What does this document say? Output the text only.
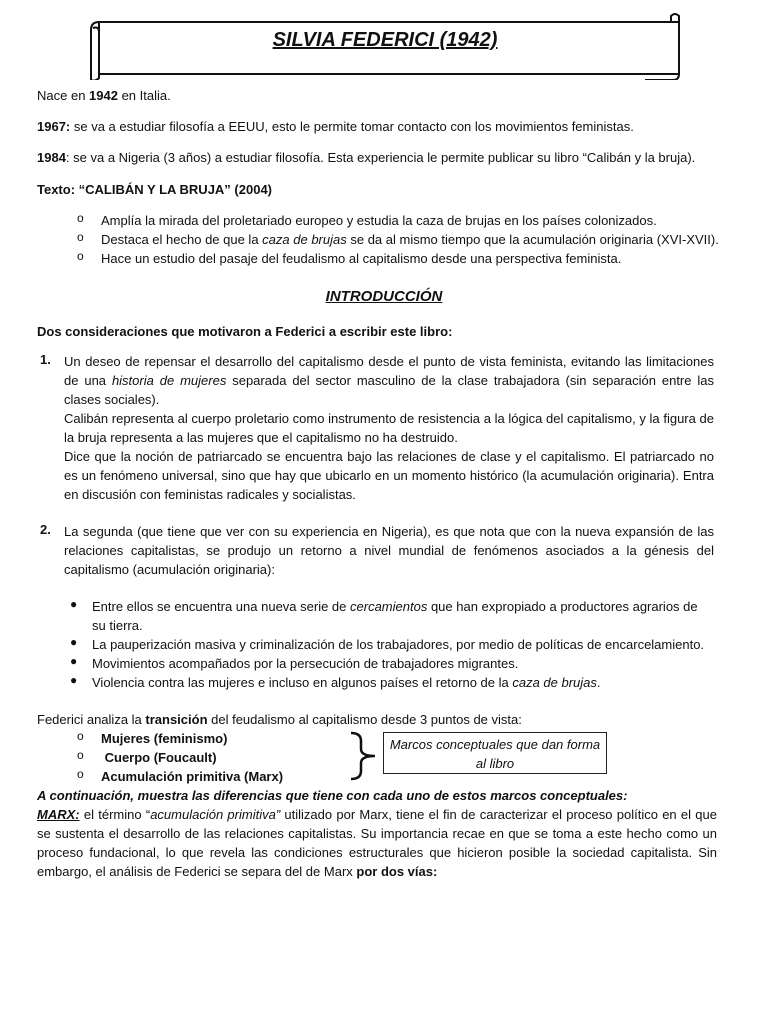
SILVIA FEDERICI (1942)
Nace en 1942 en Italia.
1967: se va a estudiar filosofía a EEUU, esto le permite tomar contacto con los movimientos feministas.
1984: se va a Nigeria (3 años) a estudiar filosofía. Esta experiencia le permite publicar su libro “Calibán y la bruja).
Texto: “CALIBÁN Y LA BRUJA” (2004)
o	Amplía la mirada del proletariado europeo y estudia la caza de brujas en los países colonizados.
o	Destaca el hecho de que la caza de brujas se da al mismo tiempo que la acumulación originaria (XVI-XVII).
o	Hace un estudio del pasaje del feudalismo al capitalismo desde una perspectiva feminista.
INTRODUCCIÓN
Dos consideraciones que motivaron a Federici a escribir este libro:
1. Un deseo de repensar el desarrollo del capitalismo desde el punto de vista feminista, evitando las limitaciones de una historia de mujeres separada del sector masculino de la clase trabajadora (sin separación entre las clases sociales).
Calibán representa al cuerpo proletario como instrumento de resistencia a la lógica del capitalismo, y la figura de la bruja representa a las mujeres que el capitalismo no ha destruido.
Dice que la noción de patriarcado se encuentra bajo las relaciones de clase y el capitalismo. El patriarcado no es un fenómeno universal, sino que hay que ubicarlo en un momento histórico (la acumulación originaria). Entra en discusión con feministas radicales y socialistas.
2. La segunda (que tiene que ver con su experiencia en Nigeria), es que nota que con la nueva expansión de las relaciones capitalistas, se produjo un retorno a nivel mundial de fenómenos asociados a la génesis del capitalismo (acumulación originaria):
● Entre ellos se encuentra una nueva serie de cercamientos que han expropiado a productores agrarios de su tierra.
● La pauperización masiva y criminalización de los trabajadores, por medio de políticas de encarcelamiento.
● Movimientos acompañados por la persecución de trabajadores migrantes.
● Violencia contra las mujeres e incluso en algunos países el retorno de la caza de brujas.
Federici analiza la transición del feudalismo al capitalismo desde 3 puntos de vista:
o	Mujeres (feminismo)
o	Cuerpo (Foucault)
o	Acumulación primitiva (Marx)
Marcos conceptuales que dan forma al libro
A continuación, muestra las diferencias que tiene con cada uno de estos marcos conceptuales:
MARX: el término “acumulación primitiva” utilizado por Marx, tiene el fin de caracterizar el proceso político en el que se sustenta el desarrollo de las relaciones capitalistas. Su importancia recae en que se toma a este hecho como un proceso fundacional, lo que revela las condiciones estructurales que hicieron posible la sociedad capitalista. Sin embargo, el análisis de Federici se separa del de Marx por dos vías:
